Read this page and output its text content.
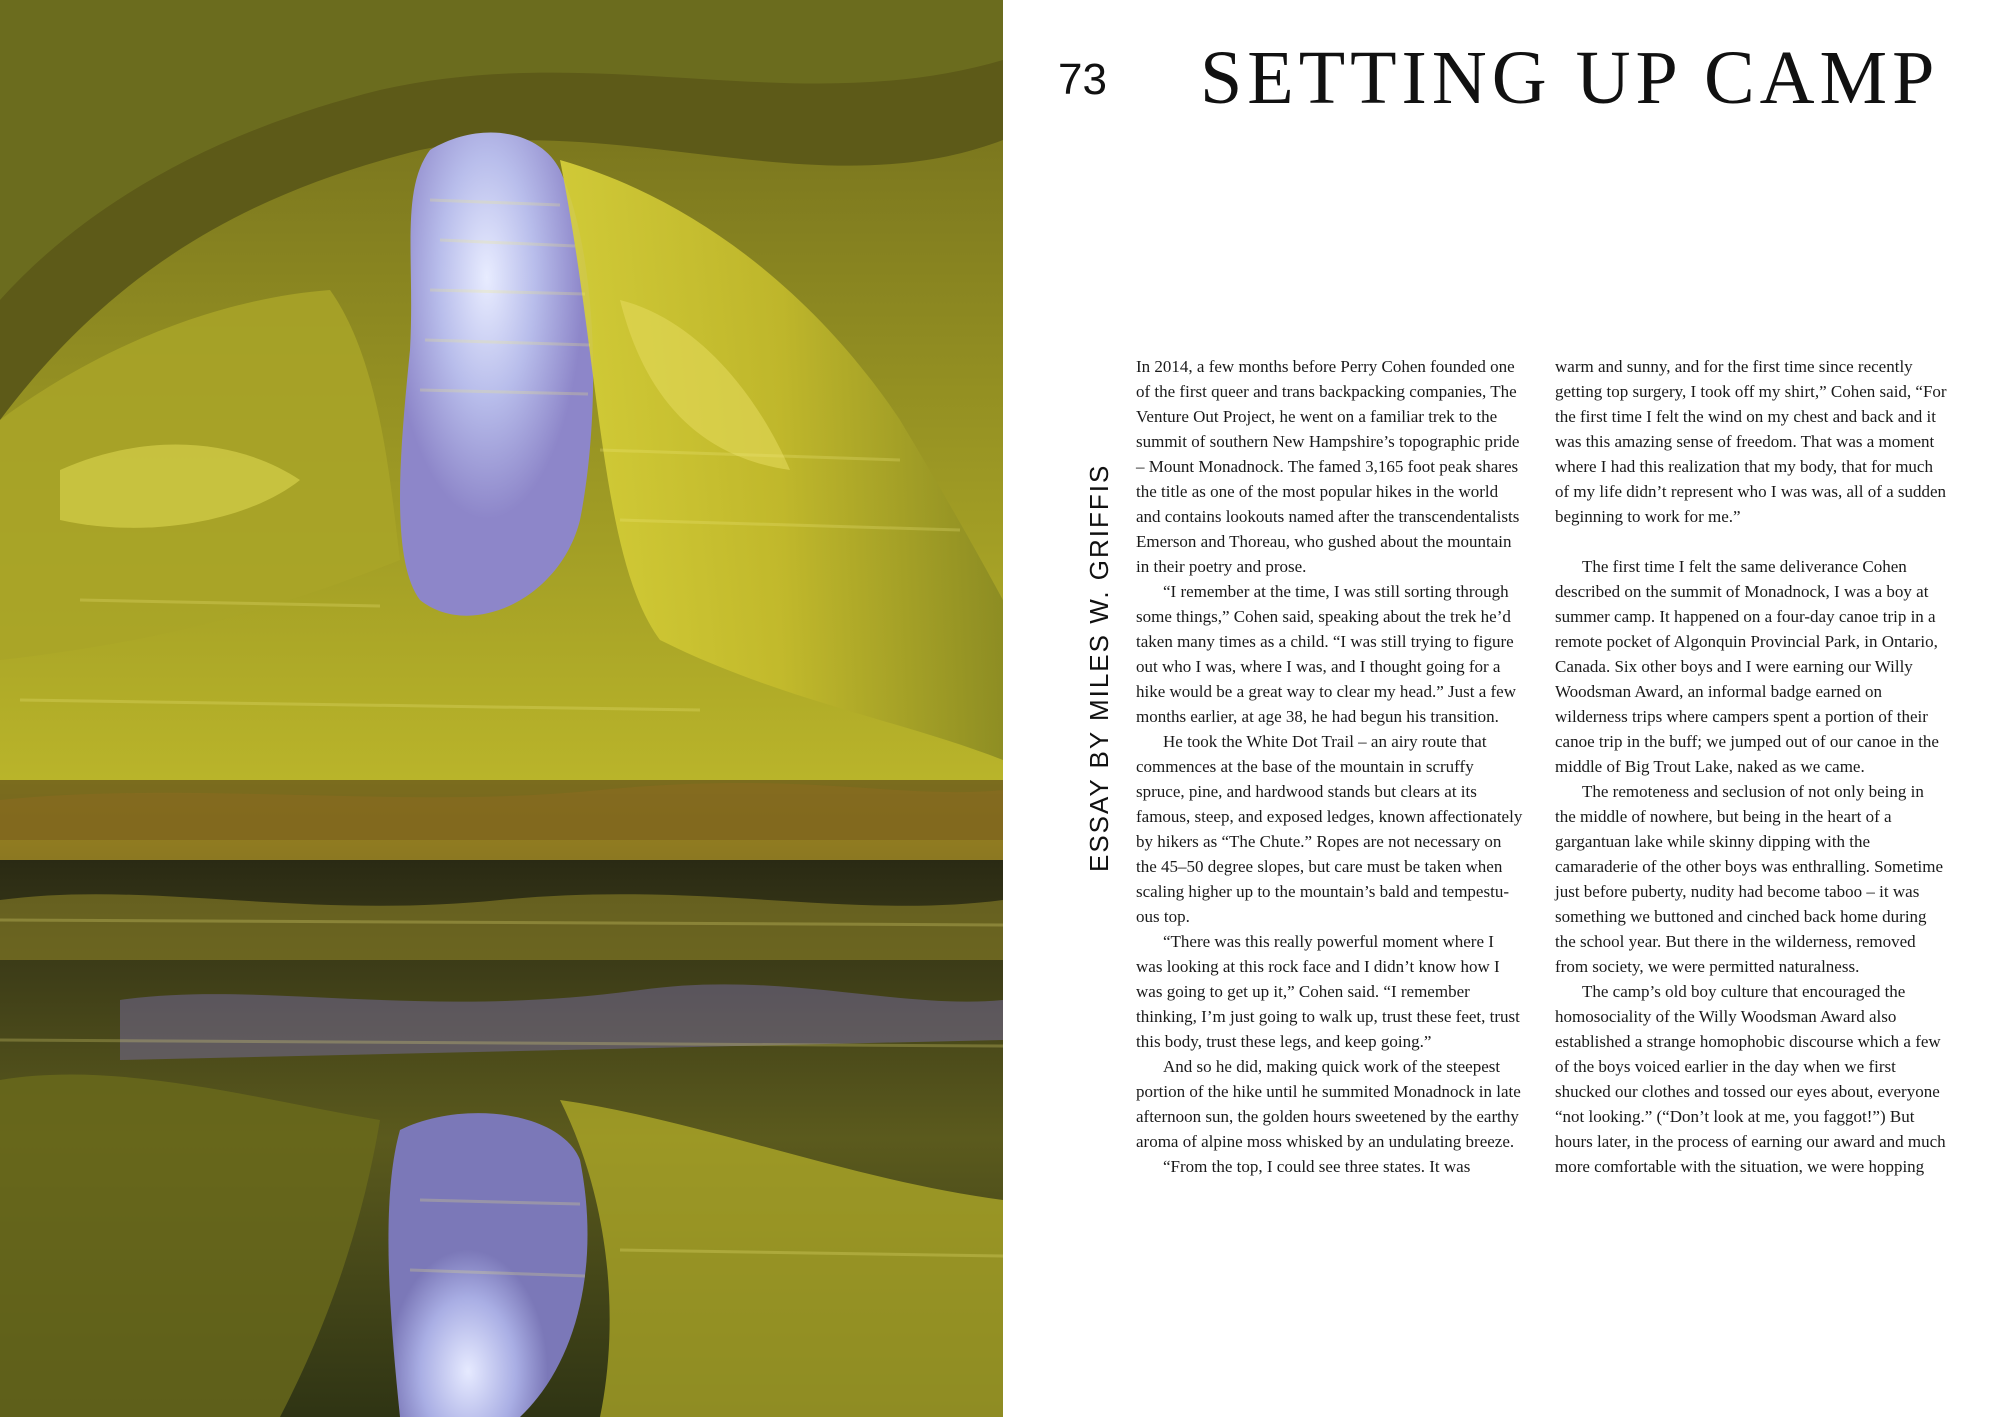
73 SETTING UP CAMP
ESSAY BY MILES W. GRIFFIS

In 2014, a few months before Perry Cohen founded one of the first queer and trans backpacking companies, The Venture Out Project, he went on a familiar trek to the summit of southern New Hampshire’s topographic pride – Mount Monadnock. The famed 3,165 foot peak shares the title as one of the most popular hikes in the world and contains lookouts named after the transcendentalists Emerson and Thoreau, who gushed about the mountain in their poetry and prose.

“I remember at the time, I was still sorting through some things,” Cohen said, speaking about the trek he’d taken many times as a child. “I was still trying to figure out who I was, where I was, and I thought going for a hike would be a great way to clear my head.” Just a few months earlier, at age 38, he had begun his transition.

He took the White Dot Trail – an airy route that commences at the base of the mountain in scruffy spruce, pine, and hardwood stands but clears at its famous, steep, and exposed ledges, known affectionately by hikers as “The Chute.” Ropes are not necessary on the 45–50 degree slopes, but care must be taken when scaling higher up to the mountain’s bald and tempestuous top.

“There was this really powerful moment where I was looking at this rock face and I didn’t know how I was going to get up it,” Cohen said. “I remember thinking, I’m just going to walk up, trust these feet, trust this body, trust these legs, and keep going.”

And so he did, making quick work of the steepest portion of the hike until he summited Monadnock in late afternoon sun, the golden hours sweetened by the earthy aroma of alpine moss whisked by an undulating breeze.

“From the top, I could see three states. It was

warm and sunny, and for the first time since recently getting top surgery, I took off my shirt,” Cohen said, “For the first time I felt the wind on my chest and back and it was this amazing sense of freedom. That was a moment where I had this realization that my body, that for much of my life didn’t represent who I was was, all of a sudden beginning to work for me.”

The first time I felt the same deliverance Cohen described on the summit of Monadnock, I was a boy at summer camp. It happened on a four-day canoe trip in a remote pocket of Algonquin Provincial Park, in Ontario, Canada. Six other boys and I were earning our Willy Woodsman Award, an informal badge earned on wilderness trips where campers spent a portion of their canoe trip in the buff; we jumped out of our canoe in the middle of Big Trout Lake, naked as we came.

The remoteness and seclusion of not only being in the middle of nowhere, but being in the heart of a gargantuan lake while skinny dipping with the camaraderie of the other boys was enthralling. Sometime just before puberty, nudity had become taboo – it was something we buttoned and cinched back home during the school year. But there in the wilderness, removed from society, we were permitted naturalness.

The camp’s old boy culture that encouraged the homosociality of the Willy Woodsman Award also established a strange homophobic discourse which a few of the boys voiced earlier in the day when we first shucked our clothes and tossed our eyes about, everyone “not looking.” (“Don’t look at me, you faggot!”) But hours later, in the process of earning our award and much more comfortable with the situation, we were hopping
